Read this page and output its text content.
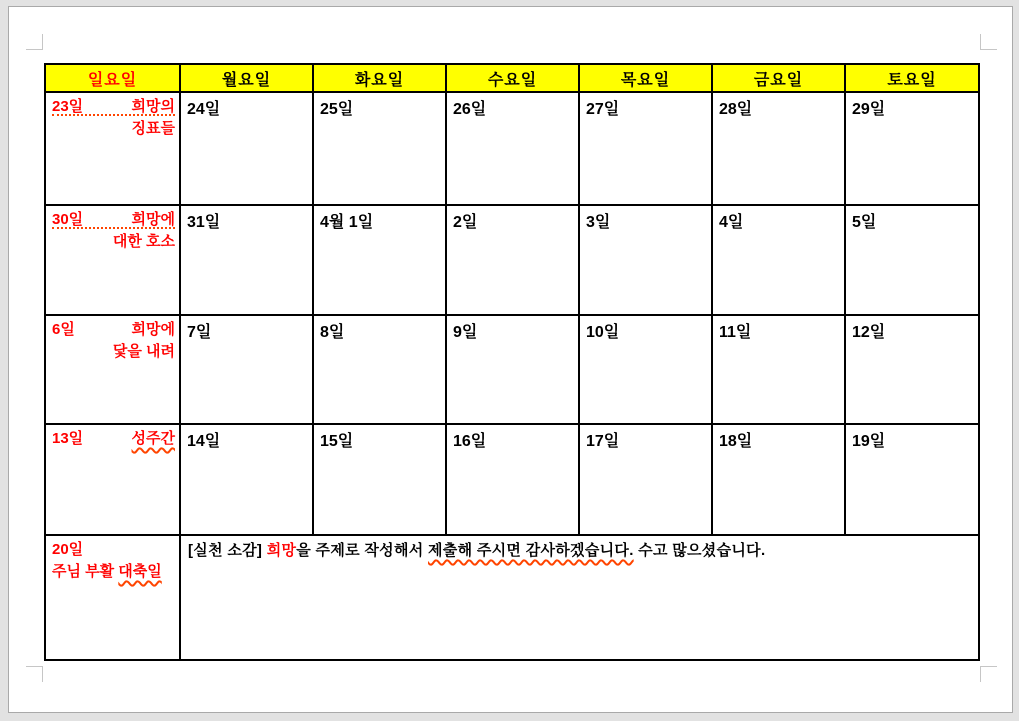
일요일	월요일	화요일	수요일	목요일	금요일	토요일

23일 희망의
징표들	24일	25일	26일	27일	28일	29일

30일 희망에
대한 호소	31일	4월 1일	2일	3일	4일	5일

6일 희망에
닻을 내려	7일	8일	9일	10일	11일	12일

13일 성주간	14일	15일	16일	17일	18일	19일

20일
주님 부활 대축일	[실천 소감] 희망을 주제로 작성해서 제출해 주시면 감사하겠습니다. 수고 많으셨습니다.					
